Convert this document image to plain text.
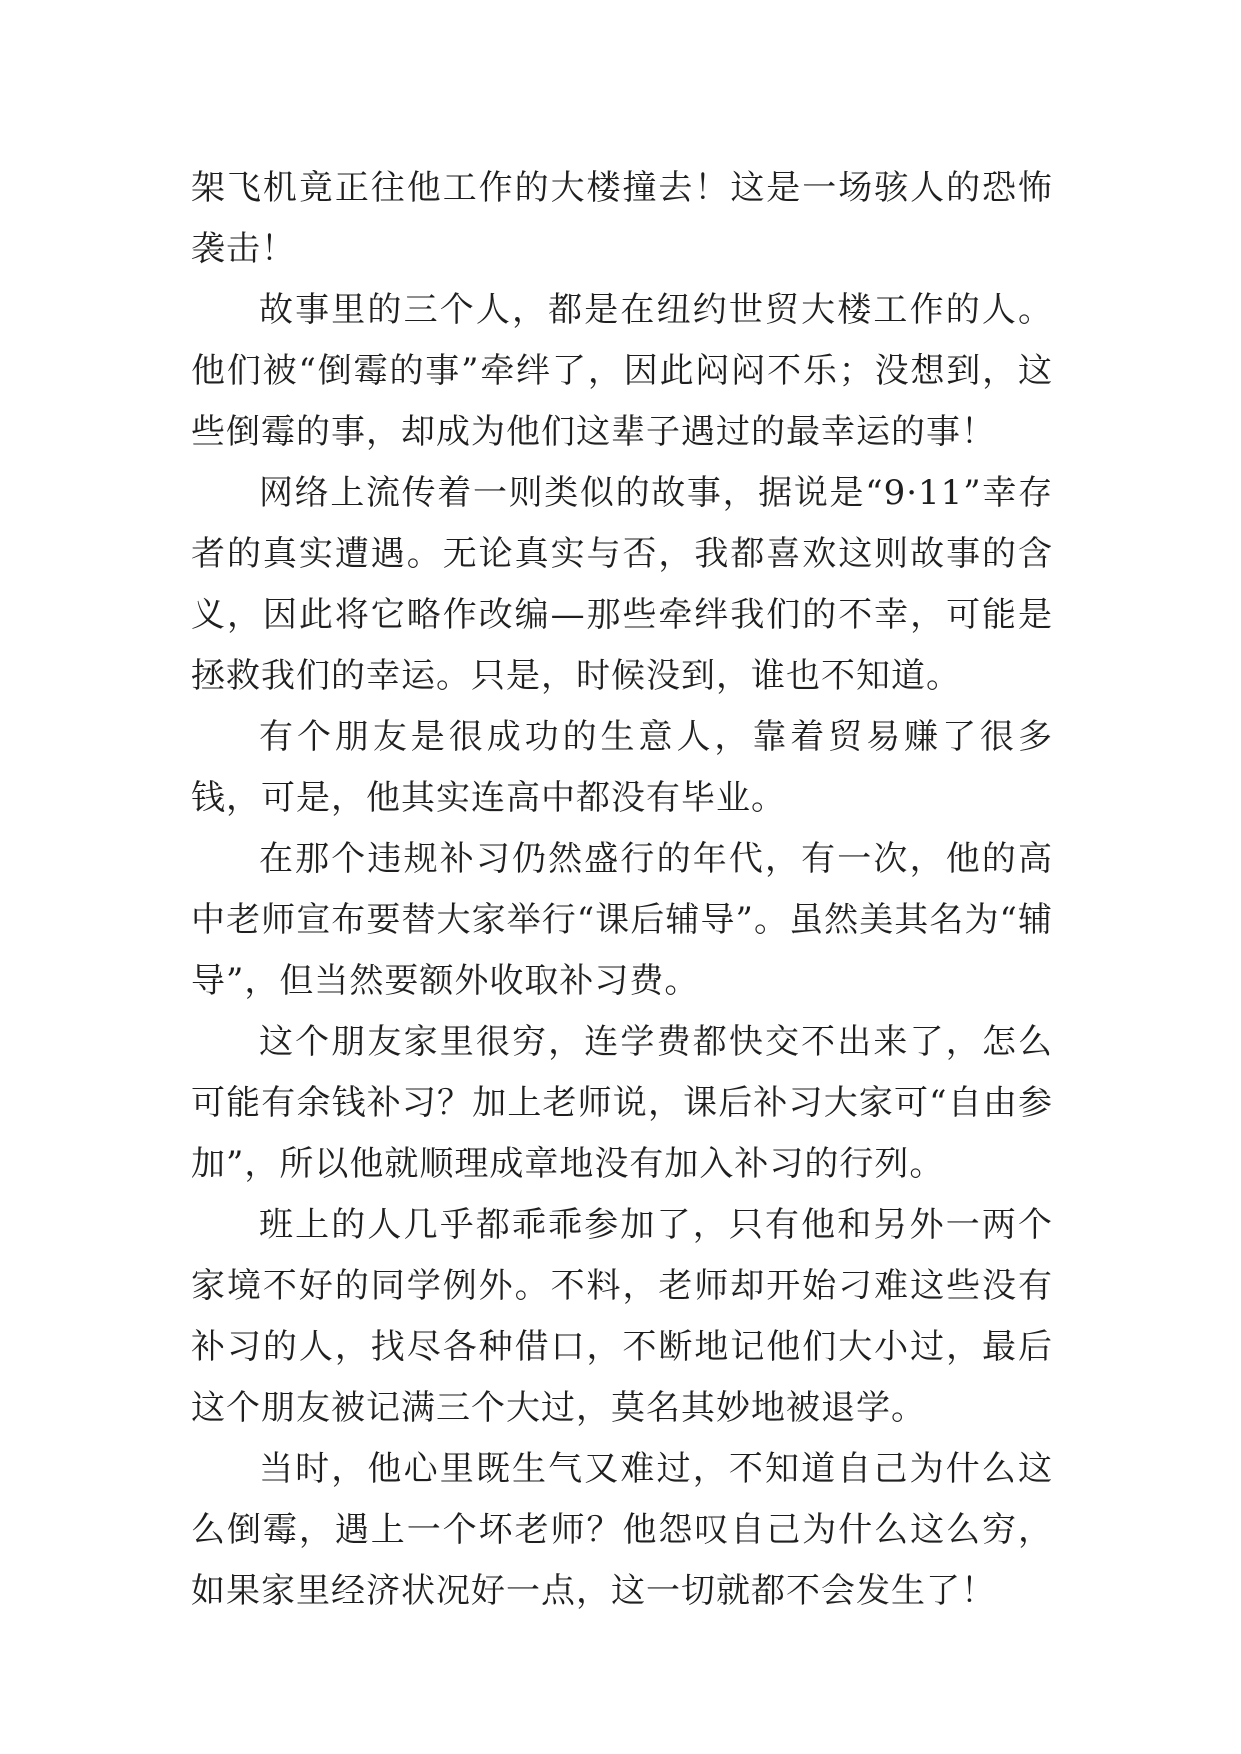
架飞机竟正往他工作的大楼撞去！这是一场骇人的恐怖袭击！

故事里的三个人，都是在纽约世贸大楼工作的人。他们被“倒霉的事”牵绊了，因此闷闷不乐；没想到，这些倒霉的事，却成为他们这辈子遇过的最幸运的事！

网络上流传着一则类似的故事，据说是“9·11”幸存者的真实遭遇。无论真实与否，我都喜欢这则故事的含义，因此将它略作改编—那些牵绊我们的不幸，可能是拯救我们的幸运。只是，时候没到，谁也不知道。

有个朋友是很成功的生意人，靠着贸易赚了很多钱，可是，他其实连高中都没有毕业。

在那个违规补习仍然盛行的年代，有一次，他的高中老师宣布要替大家举行“课后辅导”。虽然美其名为“辅导”，但当然要额外收取补习费。

这个朋友家里很穷，连学费都快交不出来了，怎么可能有余钱补习？加上老师说，课后补习大家可“自由参加”，所以他就顺理成章地没有加入补习的行列。

班上的人几乎都乖乖参加了，只有他和另外一两个家境不好的同学例外。不料，老师却开始刁难这些没有补习的人，找尽各种借口，不断地记他们大小过，最后这个朋友被记满三个大过，莫名其妙地被退学。

当时，他心里既生气又难过，不知道自己为什么这么倒霉，遇上一个坏老师？他怨叹自己为什么这么穷，如果家里经济状况好一点，这一切就都不会发生了！
